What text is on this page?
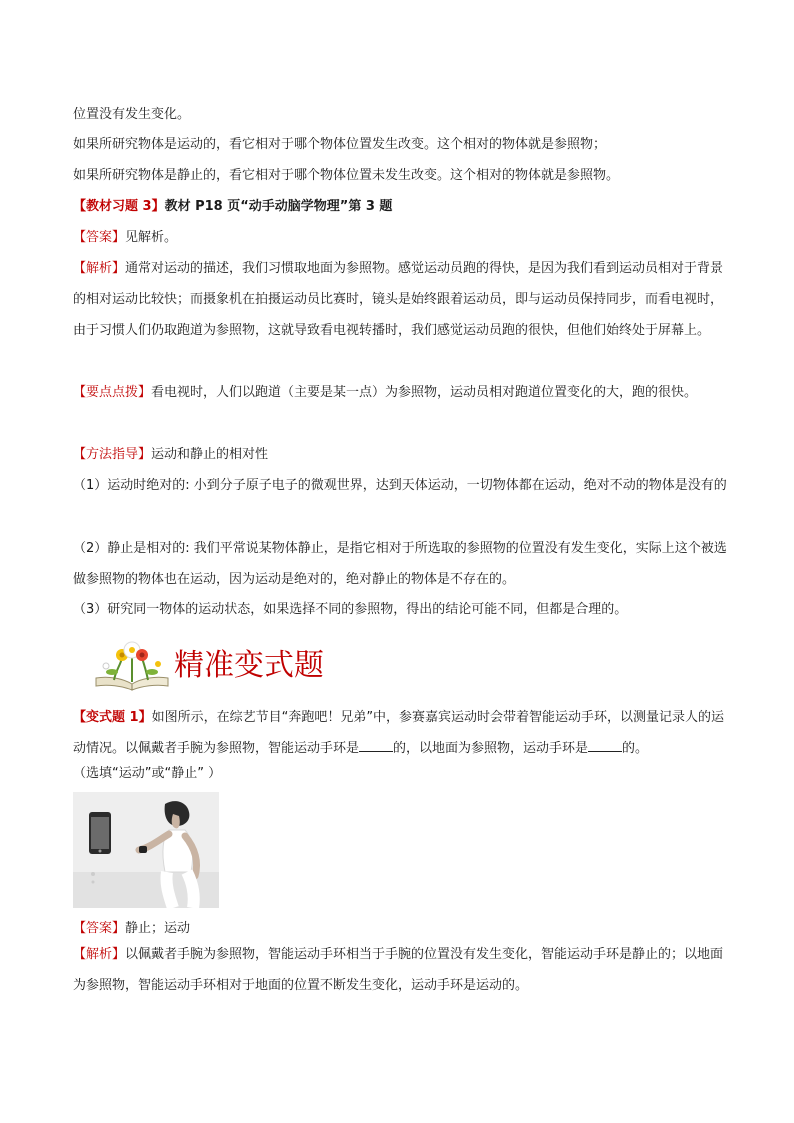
位置没有发生变化。
如果所研究物体是运动的，看它相对于哪个物体位置发生改变。这个相对的物体就是参照物；
如果所研究物体是静止的，看它相对于哪个物体位置未发生改变。这个相对的物体就是参照物。
【教材习题 3】教材 P18 页“动手动脑学物理”第 3 题
【答案】见解析。
【解析】通常对运动的描述，我们习惯取地面为参照物。感觉运动员跑的得快，是因为我们看到运动员相对于背景的相对运动比较快；而摄象机在拍摄运动员比赛时，镜头是始终跟着运动员，即与运动员保持同步，而看电视时，由于习惯人们仍取跑道为参照物，这就导致看电视转播时，我们感觉运动员跑的很快，但他们始终处于屏幕上。
【要点点拨】看电视时，人们以跑道（主要是某一点）为参照物，运动员相对跑道位置变化的大，跑的很快。
【方法指导】运动和静止的相对性
（1）运动时绝对的: 小到分子原子电子的微观世界，达到天体运动，一切物体都在运动，绝对不动的物体是没有的
（2）静止是相对的: 我们平常说某物体静止，是指它相对于所选取的参照物的位置没有发生变化，实际上这个被选做参照物的物体也在运动，因为运动是绝对的，绝对静止的物体是不存在的。
（3）研究同一物体的运动状态，如果选择不同的参照物，得出的结论可能不同，但都是合理的。
精准变式题
【变式题 1】如图所示，在综艺节目“奔跑吧！兄弟”中，参赛嘉宾运动时会带着智能运动手环，以测量记录人的运动情况。以佩戴者手腕为参照物，智能运动手环是	的，以地面为参照物，运动手环是	的。
（选填“运动”或“静止” ）
【答案】静止；运动
【解析】以佩戴者手腕为参照物，智能运动手环相当于手腕的位置没有发生变化，智能运动手环是静止的；以地面为参照物，智能运动手环相对于地面的位置不断发生变化，运动手环是运动的。
